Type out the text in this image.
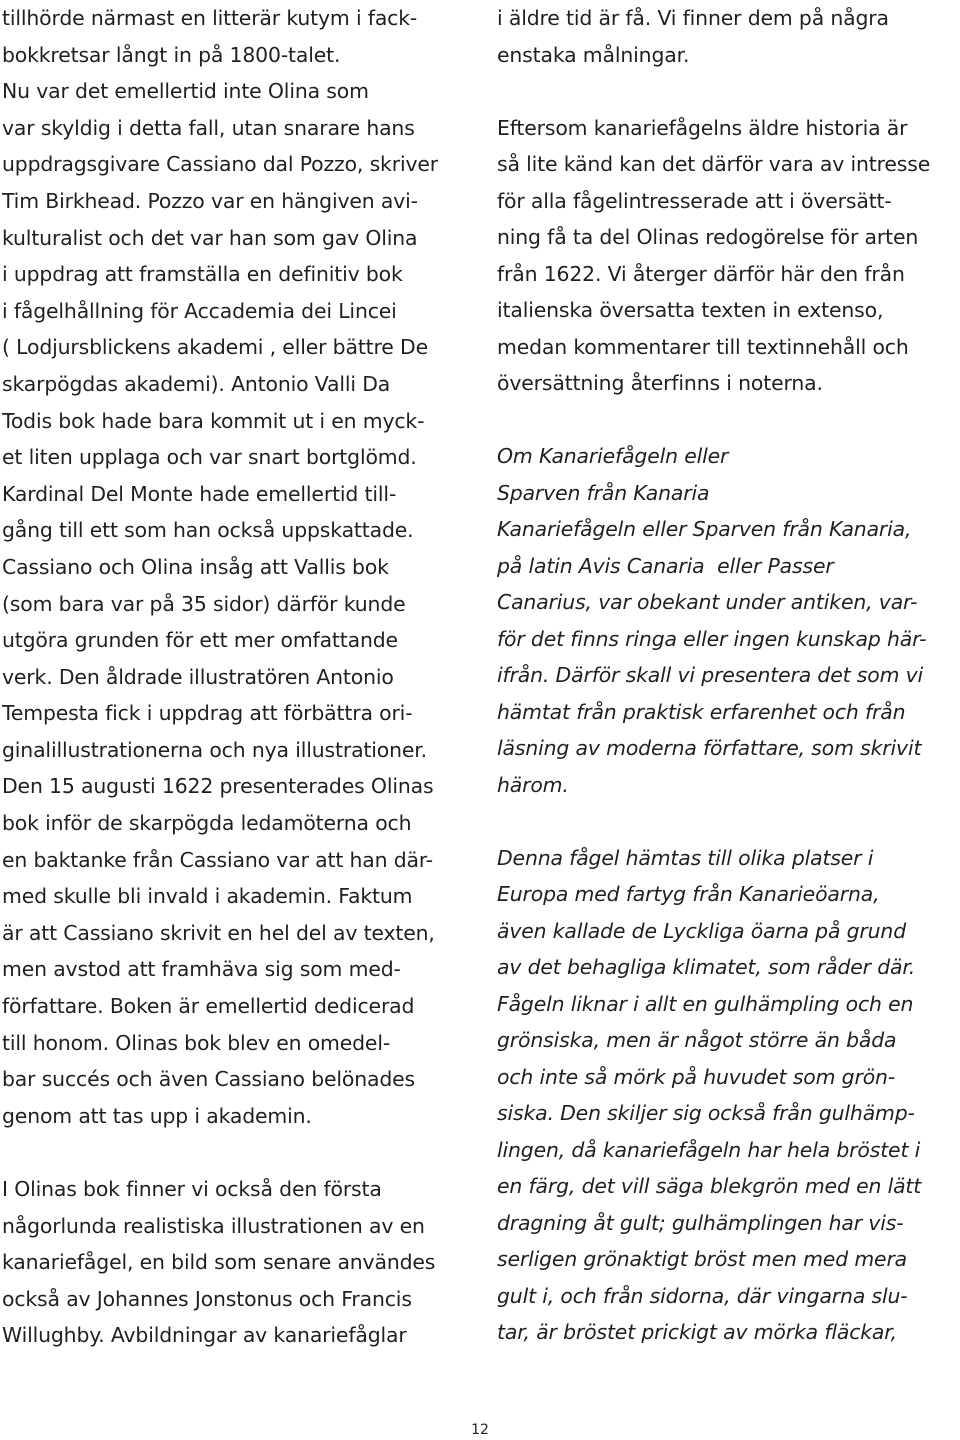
tillhörde närmast en litterär kutym i fack-
bokkretsar långt in på 1800-talet.
Nu var det emellertid inte Olina som
var skyldig i detta fall, utan snarare hans
uppdragsgivare Cassiano dal Pozzo, skriver
Tim Birkhead. Pozzo var en hängiven avi-
kulturalist och det var han som gav Olina
i uppdrag att framställa en definitiv bok
i fågelhållning för Accademia dei Lincei
( Lodjursblickens akademi , eller bättre De
skarpögdas akademi). Antonio Valli Da
Todis bok hade bara kommit ut i en myck-
et liten upplaga och var snart bortglömd.
Kardinal Del Monte hade emellertid till-
gång till ett som han också uppskattade.
Cassiano och Olina insåg att Vallis bok
(som bara var på 35 sidor) därför kunde
utgöra grunden för ett mer omfattande
verk. Den åldrade illustratören Antonio
Tempesta fick i uppdrag att förbättra ori-
ginalillustrationerna och nya illustrationer.
Den 15 augusti 1622 presenterades Olinas
bok inför de skarpögda ledamöterna och
en baktanke från Cassiano var att han där-
med skulle bli invald i akademin. Faktum
är att Cassiano skrivit en hel del av texten,
men avstod att framhäva sig som med-
författare. Boken är emellertid dedicerad
till honom. Olinas bok blev en omedel-
bar succés och även Cassiano belönades
genom att tas upp i akademin.
I Olinas bok finner vi också den första
någorlunda realistiska illustrationen av en
kanariefågel, en bild som senare användes
också av Johannes Jonstonus och Francis
Willughby. Avbildningar av kanariefåglar
i äldre tid är få. Vi finner dem på några
enstaka målningar.
Eftersom kanariefågelns äldre historia är
så lite känd kan det därför vara av intresse
för alla fågelintresserade att i översätt-
ning få ta del Olinas redogörelse för arten
från 1622. Vi återger därför här den från
italienska översatta texten in extenso,
medan kommentarer till textinnehåll och
översättning återfinns i noterna.
Om Kanariefågeln eller
Sparven från Kanaria
Kanariefågeln eller Sparven från Kanaria,
på latin Avis Canaria  eller Passer
Canarius, var obekant under antiken, var-
för det finns ringa eller ingen kunskap här-
ifrån. Därför skall vi presentera det som vi
hämtat från praktisk erfarenhet och från
läsning av moderna författare, som skrivit
härom.
Denna fågel hämtas till olika platser i
Europa med fartyg från Kanarieöarna,
även kallade de Lyckliga öarna på grund
av det behagliga klimatet, som råder där.
Fågeln liknar i allt en gulhämpling och en
grönsiska, men är något större än båda
och inte så mörk på huvudet som grön-
siska. Den skiljer sig också från gulhämp-
lingen, då kanariefågeln har hela bröstet i
en färg, det vill säga blekgrön med en lätt
dragning åt gult; gulhämplingen har vis-
serligen grönaktigt bröst men med mera
gult i, och från sidorna, där vingarna slu-
tar, är bröstet prickigt av mörka fläckar,
12
